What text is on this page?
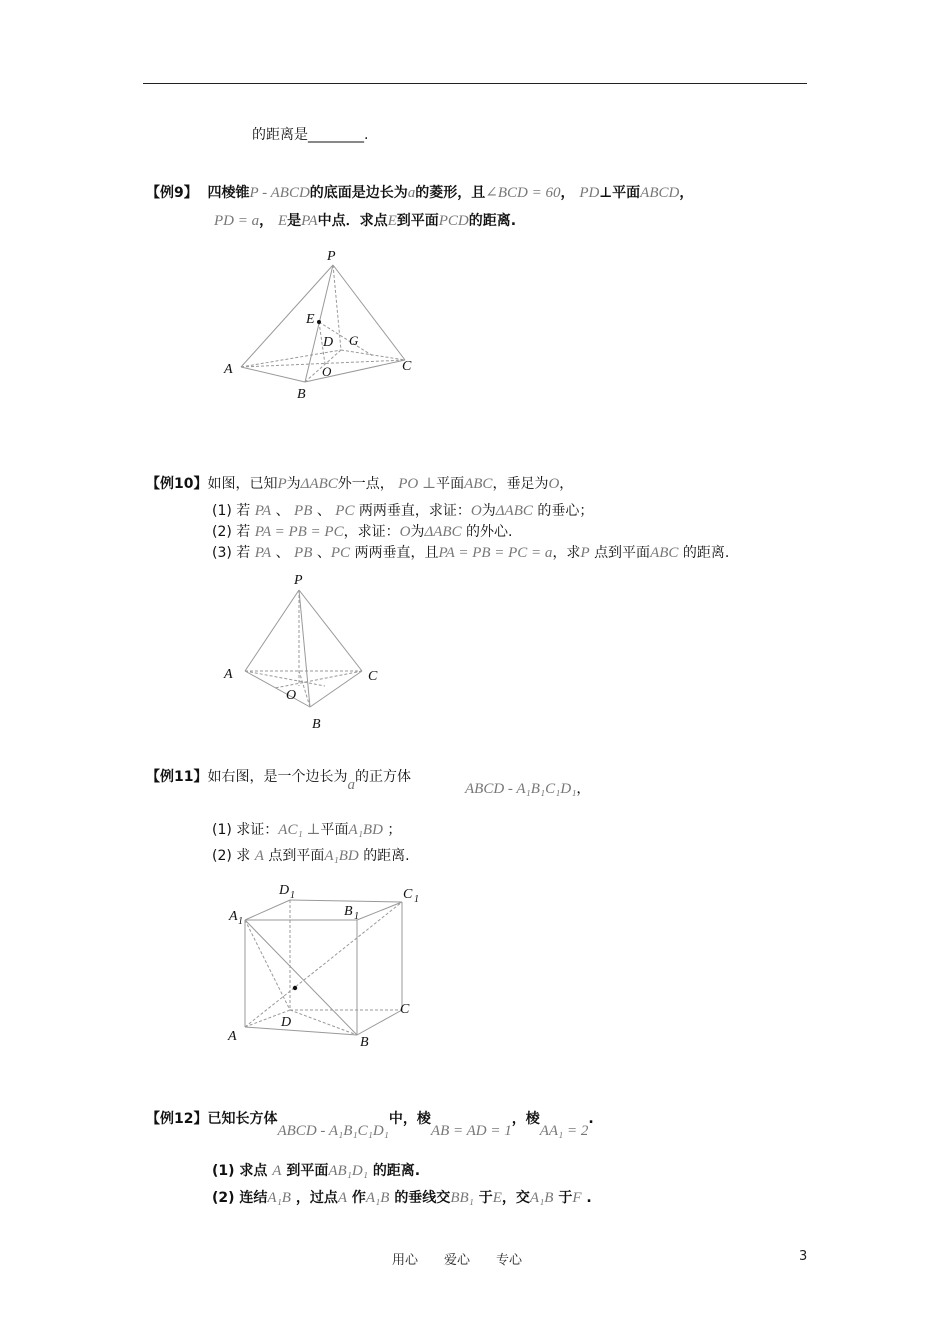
的距离是________.
【例9】 四棱锥P - ABCD的底面是边长为a的菱形，且∠BCD = 60， PD⊥平面ABCD，
PD = a， E是PA中点．求点E到平面PCD的距离.
P
E
D G
A	O	C
B
【例10】如图，已知P为ΔABC外一点， PO ⊥平面ABC，垂足为O，
(1) 若 PA 、 PB 、 PC 两两垂直，求证：O为ΔABC 的垂心；
(2) 若 PA = PB = PC，求证：O为ΔABC 的外心.
(3) 若 PA 、 PB 、PC 两两垂直，且PA = PB = PC = a，求P 点到平面ABC 的距离.
P
A	C
O
B
【例11】如右图，是一个边长为a的正方体
ABCD - A₁B₁C₁D₁，
(1) 求证：AC₁ ⊥平面A₁BD ；
(2) 求 A 点到平面A₁BD 的距离.
D 1	C 1
A 1
B 1
C
D
A	B
【例12】已知长方体ABCD - A₁B₁C₁D₁中，棱AB = AD = 1，棱AA₁ = 2.
(1) 求点 A 到平面AB₁D₁ 的距离.
(2) 连结A₁B ，过点A 作A₁B 的垂线交BB₁ 于E，交A₁B 于F .
用心　　爱心　　专心	3
